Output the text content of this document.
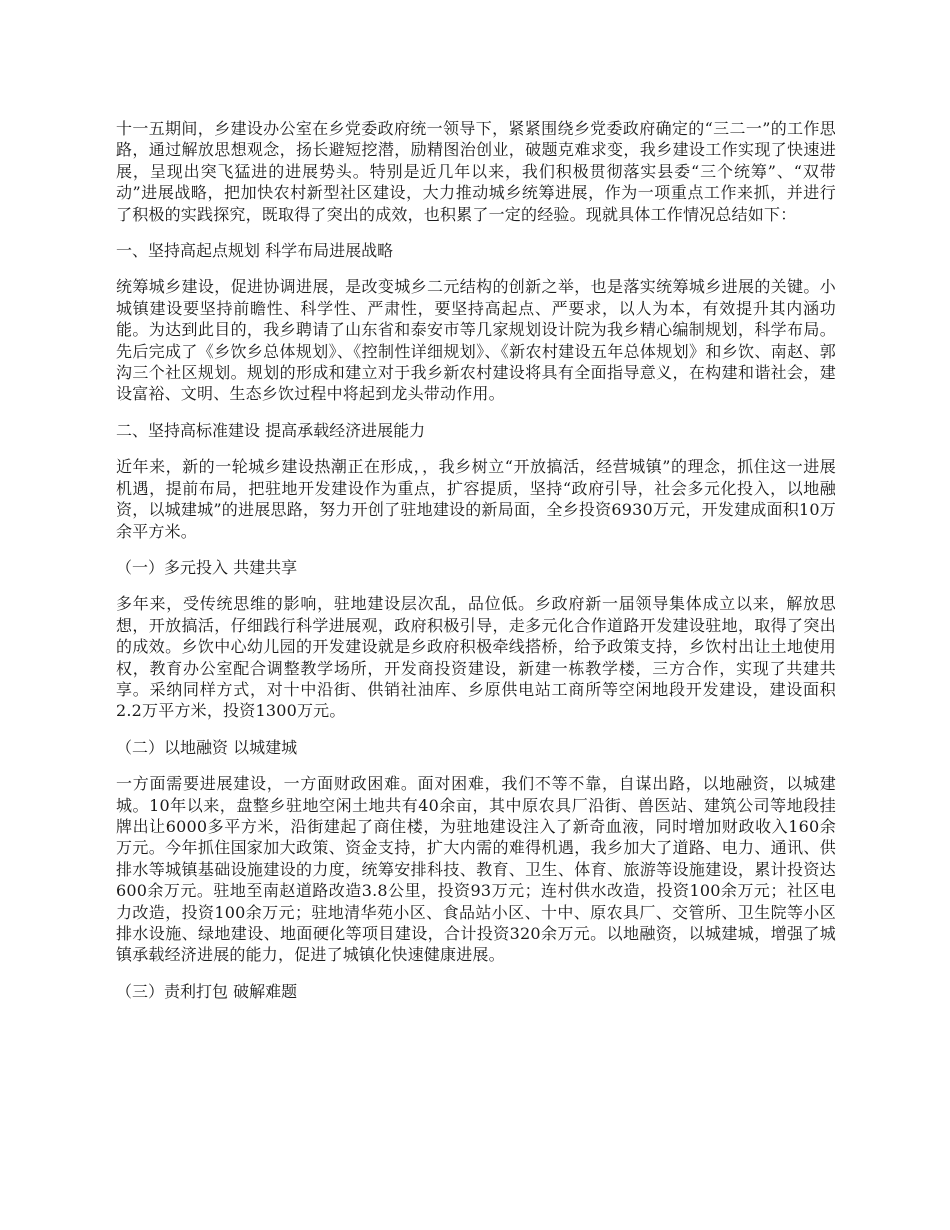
十一五期间，乡建设办公室在乡党委政府统一领导下，紧紧围绕乡党委政府确定的“三二一”的工作思路，通过解放思想观念，扬长避短挖潜，励精图治创业，破题克难求变，我乡建设工作实现了快速进展，呈现出突飞猛进的进展势头。特别是近几年以来，我们积极贯彻落实县委“三个统筹”、“双带动”进展战略，把加快农村新型社区建设，大力推动城乡统筹进展，作为一项重点工作来抓，并进行了积极的实践探究，既取得了突出的成效，也积累了一定的经验。现就具体工作情况总结如下：

一、坚持高起点规划 科学布局进展战略

统筹城乡建设，促进协调进展，是改变城乡二元结构的创新之举，也是落实统筹城乡进展的关键。小城镇建设要坚持前瞻性、科学性、严肃性，要坚持高起点、严要求，以人为本，有效提升其内涵功能。为达到此目的，我乡聘请了山东省和泰安市等几家规划设计院为我乡精心编制规划，科学布局。先后完成了《乡饮乡总体规划》、《控制性详细规划》、《新农村建设五年总体规划》和乡饮、南赵、郭沟三个社区规划。规划的形成和建立对于我乡新农村建设将具有全面指导意义，在构建和谐社会，建设富裕、文明、生态乡饮过程中将起到龙头带动作用。

二、坚持高标准建设 提高承载经济进展能力

近年来，新的一轮城乡建设热潮正在形成，，我乡树立“开放搞活，经营城镇”的理念，抓住这一进展机遇，提前布局，把驻地开发建设作为重点，扩容提质，坚持“政府引导，社会多元化投入，以地融资，以城建城”的进展思路，努力开创了驻地建设的新局面，全乡投资6930万元，开发建成面积10万余平方米。

（一）多元投入 共建共享

多年来，受传统思维的影响，驻地建设层次乱，品位低。乡政府新一届领导集体成立以来，解放思想，开放搞活，仔细践行科学进展观，政府积极引导，走多元化合作道路开发建设驻地，取得了突出的成效。乡饮中心幼儿园的开发建设就是乡政府积极牵线搭桥，给予政策支持，乡饮村出让土地使用权，教育办公室配合调整教学场所，开发商投资建设，新建一栋教学楼，三方合作，实现了共建共享。采纳同样方式，对十中沿街、供销社油库、乡原供电站工商所等空闲地段开发建设，建设面积2.2万平方米，投资1300万元。

（二）以地融资 以城建城

一方面需要进展建设，一方面财政困难。面对困难，我们不等不靠，自谋出路，以地融资，以城建城。10年以来，盘整乡驻地空闲土地共有40余亩，其中原农具厂沿街、兽医站、建筑公司等地段挂牌出让6000多平方米，沿街建起了商住楼，为驻地建设注入了新奇血液，同时增加财政收入160余万元。今年抓住国家加大政策、资金支持，扩大内需的难得机遇，我乡加大了道路、电力、通讯、供排水等城镇基础设施建设的力度，统筹安排科技、教育、卫生、体育、旅游等设施建设，累计投资达600余万元。驻地至南赵道路改造3.8公里，投资93万元；连村供水改造，投资100余万元；社区电力改造，投资100余万元；驻地清华苑小区、食品站小区、十中、原农具厂、交管所、卫生院等小区排水设施、绿地建设、地面硬化等项目建设，合计投资320余万元。以地融资，以城建城，增强了城镇承载经济进展的能力，促进了城镇化快速健康进展。

（三）责利打包 破解难题
